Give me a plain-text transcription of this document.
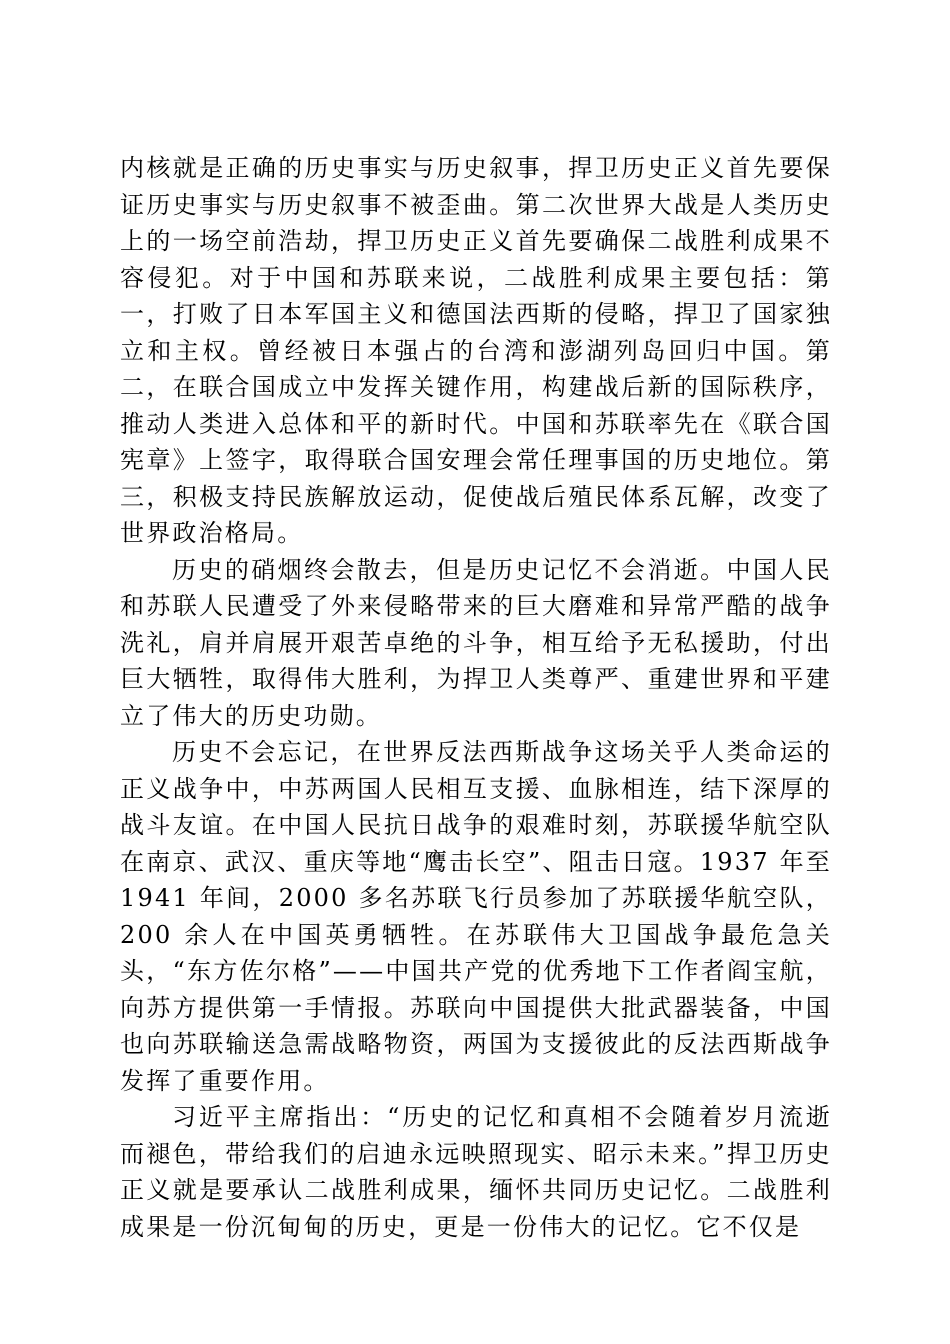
内核就是正确的历史事实与历史叙事，捍卫历史正义首先要保证历史事实与历史叙事不被歪曲。第二次世界大战是人类历史上的一场空前浩劫，捍卫历史正义首先要确保二战胜利成果不容侵犯。对于中国和苏联来说，二战胜利成果主要包括：第一，打败了日本军国主义和德国法西斯的侵略，捍卫了国家独立和主权。曾经被日本强占的台湾和澎湖列岛回归中国。第二，在联合国成立中发挥关键作用，构建战后新的国际秩序，推动人类进入总体和平的新时代。中国和苏联率先在《联合国宪章》上签字，取得联合国安理会常任理事国的历史地位。第三，积极支持民族解放运动，促使战后殖民体系瓦解，改变了世界政治格局。

历史的硝烟终会散去，但是历史记忆不会消逝。中国人民和苏联人民遭受了外来侵略带来的巨大磨难和异常严酷的战争洗礼，肩并肩展开艰苦卓绝的斗争，相互给予无私援助，付出巨大牺牲，取得伟大胜利，为捍卫人类尊严、重建世界和平建立了伟大的历史功勋。

历史不会忘记，在世界反法西斯战争这场关乎人类命运的正义战争中，中苏两国人民相互支援、血脉相连，结下深厚的战斗友谊。在中国人民抗日战争的艰难时刻，苏联援华航空队在南京、武汉、重庆等地“鹰击长空”、阻击日寇。1937 年至 1941 年间，2000 多名苏联飞行员参加了苏联援华航空队，200 余人在中国英勇牺牲。在苏联伟大卫国战争最危急关头，“东方佐尔格”——中国共产党的优秀地下工作者阎宝航，向苏方提供第一手情报。苏联向中国提供大批武器装备，中国也向苏联输送急需战略物资，两国为支援彼此的反法西斯战争发挥了重要作用。

习近平主席指出：“历史的记忆和真相不会随着岁月流逝而褪色，带给我们的启迪永远映照现实、昭示未来。”捍卫历史正义就是要承认二战胜利成果，缅怀共同历史记忆。二战胜利成果是一份沉甸甸的历史，更是一份伟大的记忆。它不仅是
